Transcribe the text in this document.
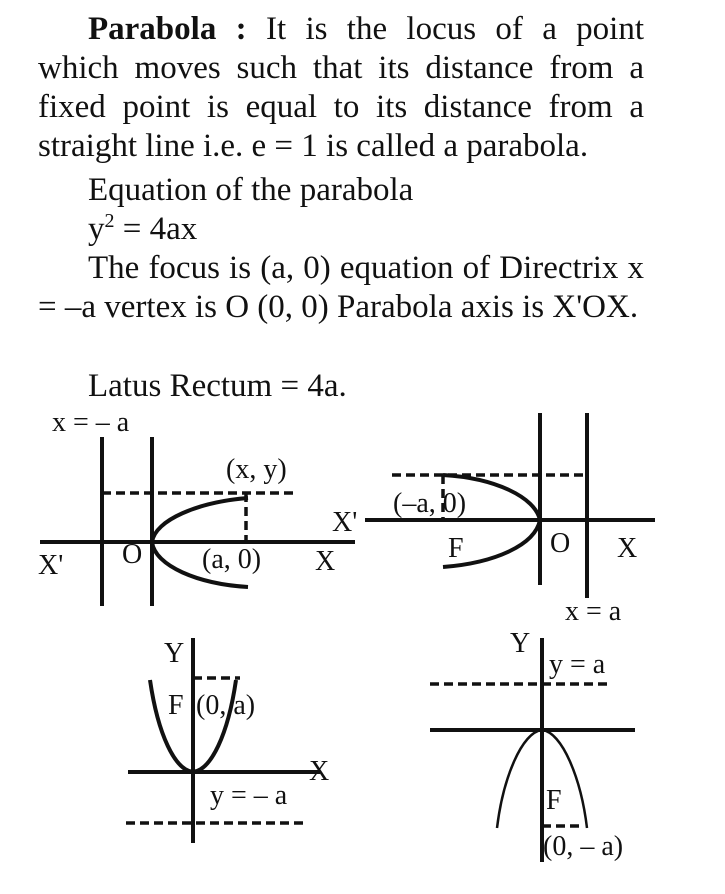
Parabola : It is the locus of a point which moves such that its distance from a fixed point is equal to its distance from a straight line i.e. e = 1 is called a parabola.

Equation of the parabola
$y^2 = 4ax$

The focus is (a, 0) equation of Directrix x = –a vertex is O (0, 0) Parabola axis is X'OX.

Latus Rectum = 4a.
x = – a
(x, y)
X' O (a, 0) X
X'
(–a, 0)
F	O X
x = a
Y
F (0, a)
X
y = – a
Y
y = a
F
(0, – a)
